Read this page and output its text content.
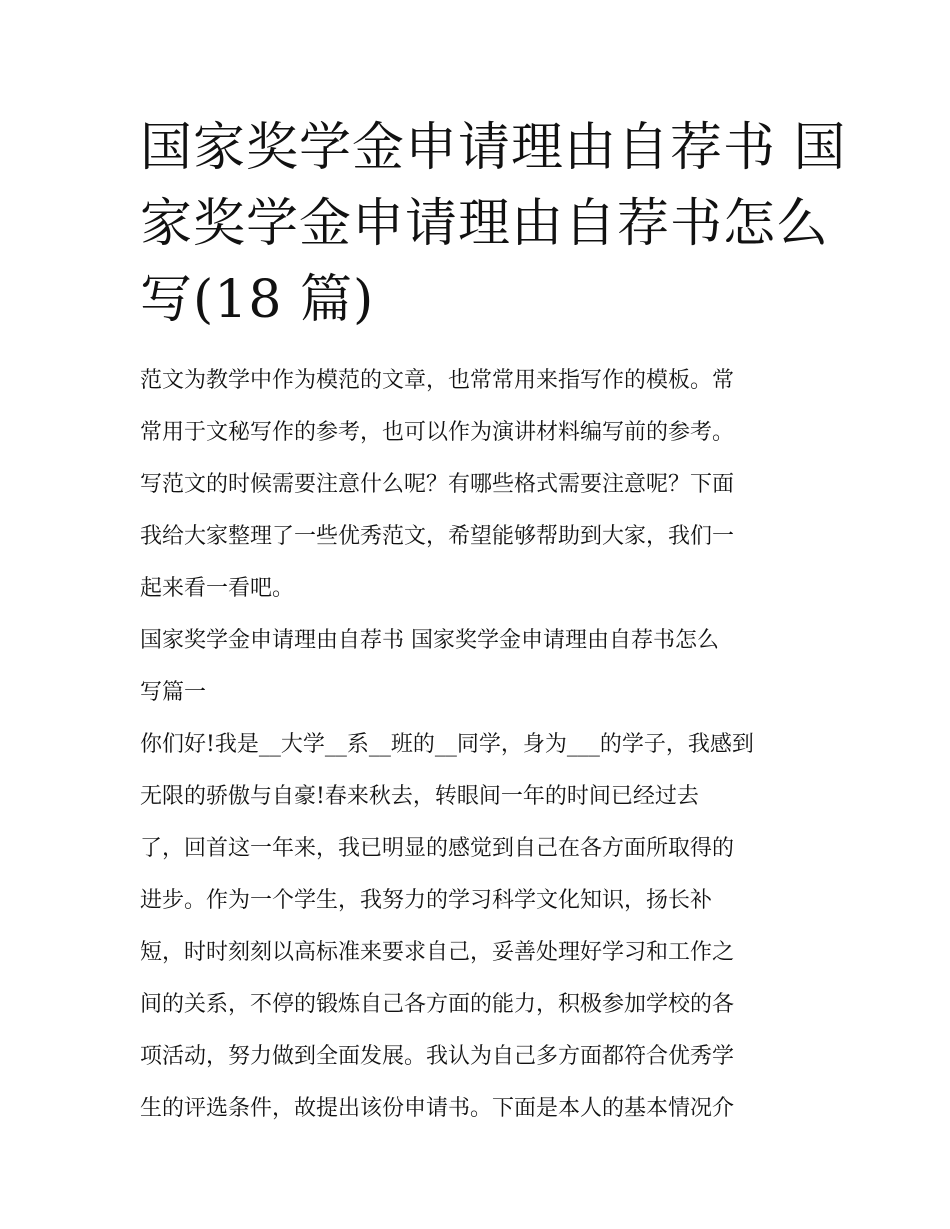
国家奖学金申请理由自荐书 国
家奖学金申请理由自荐书怎么
写(18 篇)
范文为教学中作为模范的文章，也常常用来指写作的模板。常
常用于文秘写作的参考，也可以作为演讲材料编写前的参考。
写范文的时候需要注意什么呢？有哪些格式需要注意呢？下面
我给大家整理了一些优秀范文，希望能够帮助到大家，我们一
起来看一看吧。
国家奖学金申请理由自荐书 国家奖学金申请理由自荐书怎么
写篇一
你们好!我是__大学__系__班的__同学，身为___的学子，我感到
无限的骄傲与自豪!春来秋去，转眼间一年的时间已经过去
了，回首这一年来，我已明显的感觉到自己在各方面所取得的
进步。作为一个学生，我努力的学习科学文化知识，扬长补
短，时时刻刻以高标准来要求自己，妥善处理好学习和工作之
间的关系，不停的锻炼自己各方面的能力，积极参加学校的各
项活动，努力做到全面发展。我认为自己多方面都符合优秀学
生的评选条件，故提出该份申请书。下面是本人的基本情况介
